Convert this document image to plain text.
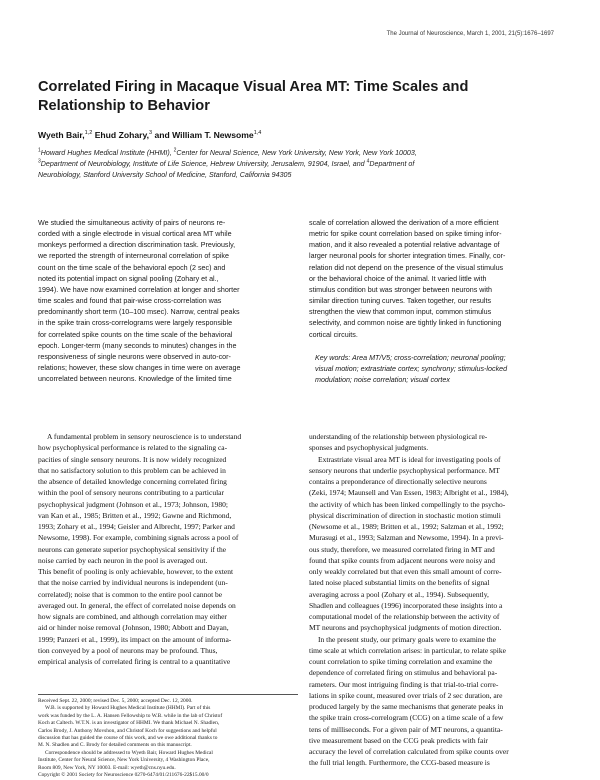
The Journal of Neuroscience, March 1, 2001, 21(5):1676–1697
Correlated Firing in Macaque Visual Area MT: Time Scales and
Relationship to Behavior
Wyeth Bair,$^{1,2}$ Ehud Zohary,$^3$ and William T. Newsome$^{1,4}$
$^1$Howard Hughes Medical Institute (HHMI), $^2$Center for Neural Science, New York University, New York, New York 10003,
$^3$Department of Neurobiology, Institute of Life Science, Hebrew University, Jerusalem, 91904, Israel, and $^4$Department of
Neurobiology, Stanford University School of Medicine, Stanford, California 94305
We studied the simultaneous activity of pairs of neurons re-
corded with a single electrode in visual cortical area MT while
monkeys performed a direction discrimination task. Previously,
we reported the strength of interneuronal correlation of spike
count on the time scale of the behavioral epoch (2 sec) and
noted its potential impact on signal pooling (Zohary et al.,
1994). We have now examined correlation at longer and shorter
time scales and found that pair-wise cross-correlation was
predominantly short term (10–100 msec). Narrow, central peaks
in the spike train cross-correlograms were largely responsible
for correlated spike counts on the time scale of the behavioral
epoch. Longer-term (many seconds to minutes) changes in the
responsiveness of single neurons were observed in auto-cor-
relations; however, these slow changes in time were on average
uncorrelated between neurons. Knowledge of the limited time
scale of correlation allowed the derivation of a more efficient
metric for spike count correlation based on spike timing infor-
mation, and it also revealed a potential relative advantage of
larger neuronal pools for shorter integration times. Finally, cor-
relation did not depend on the presence of the visual stimulus
or the behavioral choice of the animal. It varied little with
stimulus condition but was stronger between neurons with
similar direction tuning curves. Taken together, our results
strengthen the view that common input, common stimulus
selectivity, and common noise are tightly linked in functioning
cortical circuits.
Key words: Area MT/V5; cross-correlation; neuronal pooling;
visual motion; extrastriate cortex; synchrony; stimulus-locked
modulation; noise correlation; visual cortex
A fundamental problem in sensory neuroscience is to understand
how psychophysical performance is related to the signaling ca-
pacities of single sensory neurons. It is now widely recognized
that no satisfactory solution to this problem can be achieved in
the absence of detailed knowledge concerning correlated firing
within the pool of sensory neurons contributing to a particular
psychophysical judgment (Johnson et al., 1973; Johnson, 1980;
van Kan et al., 1985; Britten et al., 1992; Gawne and Richmond,
1993; Zohary et al., 1994; Geisler and Albrecht, 1997; Parker and
Newsome, 1998). For example, combining signals across a pool of
neurons can generate superior psychophysical sensitivity if the
noise carried by each neuron in the pool is averaged out.
This benefit of pooling is only achievable, however, to the extent
that the noise carried by individual neurons is independent (un-
correlated); noise that is common to the entire pool cannot be
averaged out. In general, the effect of correlated noise depends on
how signals are combined, and although correlation may either
aid or hinder noise removal (Johnson, 1980; Abbott and Dayan,
1999; Panzeri et al., 1999), its impact on the amount of informa-
tion conveyed by a pool of neurons may be profound. Thus,
empirical analysis of correlated firing is central to a quantitative
understanding of the relationship between physiological re-
sponses and psychophysical judgments.
Extrastriate visual area MT is ideal for investigating pools of
sensory neurons that underlie psychophysical performance. MT
contains a preponderance of directionally selective neurons
(Zeki, 1974; Maunsell and Van Essen, 1983; Albright et al., 1984),
the activity of which has been linked compellingly to the psycho-
physical discrimination of direction in stochastic motion stimuli
(Newsome et al., 1989; Britten et al., 1992; Salzman et al., 1992;
Murasugi et al., 1993; Salzman and Newsome, 1994). In a previ-
ous study, therefore, we measured correlated firing in MT and
found that spike counts from adjacent neurons were noisy and
only weakly correlated but that even this small amount of corre-
lated noise placed substantial limits on the benefits of signal
averaging across a pool (Zohary et al., 1994). Subsequently,
Shadlen and colleagues (1996) incorporated these insights into a
computational model of the relationship between the activity of
MT neurons and psychophysical judgments of motion direction.
In the present study, our primary goals were to examine the
time scale at which correlation arises: in particular, to relate spike
count correlation to spike timing correlation and examine the
dependence of correlated firing on stimulus and behavioral pa-
rameters. Our most intriguing finding is that trial-to-trial corre-
lations in spike count, measured over trials of 2 sec duration, are
produced largely by the same mechanisms that generate peaks in
the spike train cross-correlogram (CCG) on a time scale of a few
tens of milliseconds. For a given pair of MT neurons, a quantita-
tive measurement based on the CCG peak predicts with fair
accuracy the level of correlation calculated from spike counts over
the full trial length. Furthermore, the CCG-based measure is
Received Sept. 22, 2000; revised Dec. 5, 2000; accepted Dec. 12, 2000.
W.B. is supported by Howard Hughes Medical Institute (HHMI). Part of this
work was funded by the L. A. Hansen Fellowship to W.B. while in the lab of Christof
Koch at Caltech. W.T.N. is an investigator of HHMI. We thank Michael N. Shadlen,
Carlos Brody, J. Anthony Movshon, and Christof Koch for suggestions and helpful
discussion that has guided the course of this work, and we owe additional thanks to
M. N. Shadlen and C. Brody for detailed comments on this manuscript.
Correspondence should be addressed to Wyeth Bair, Howard Hughes Medical
Institute, Center for Neural Science, New York University, 4 Washington Place,
Room 809, New York, NY 10003. E-mail: wyeth@cns.nyu.edu.
Copyright © 2001 Society for Neuroscience 0270-6474/01/211676-22$15.00/0
